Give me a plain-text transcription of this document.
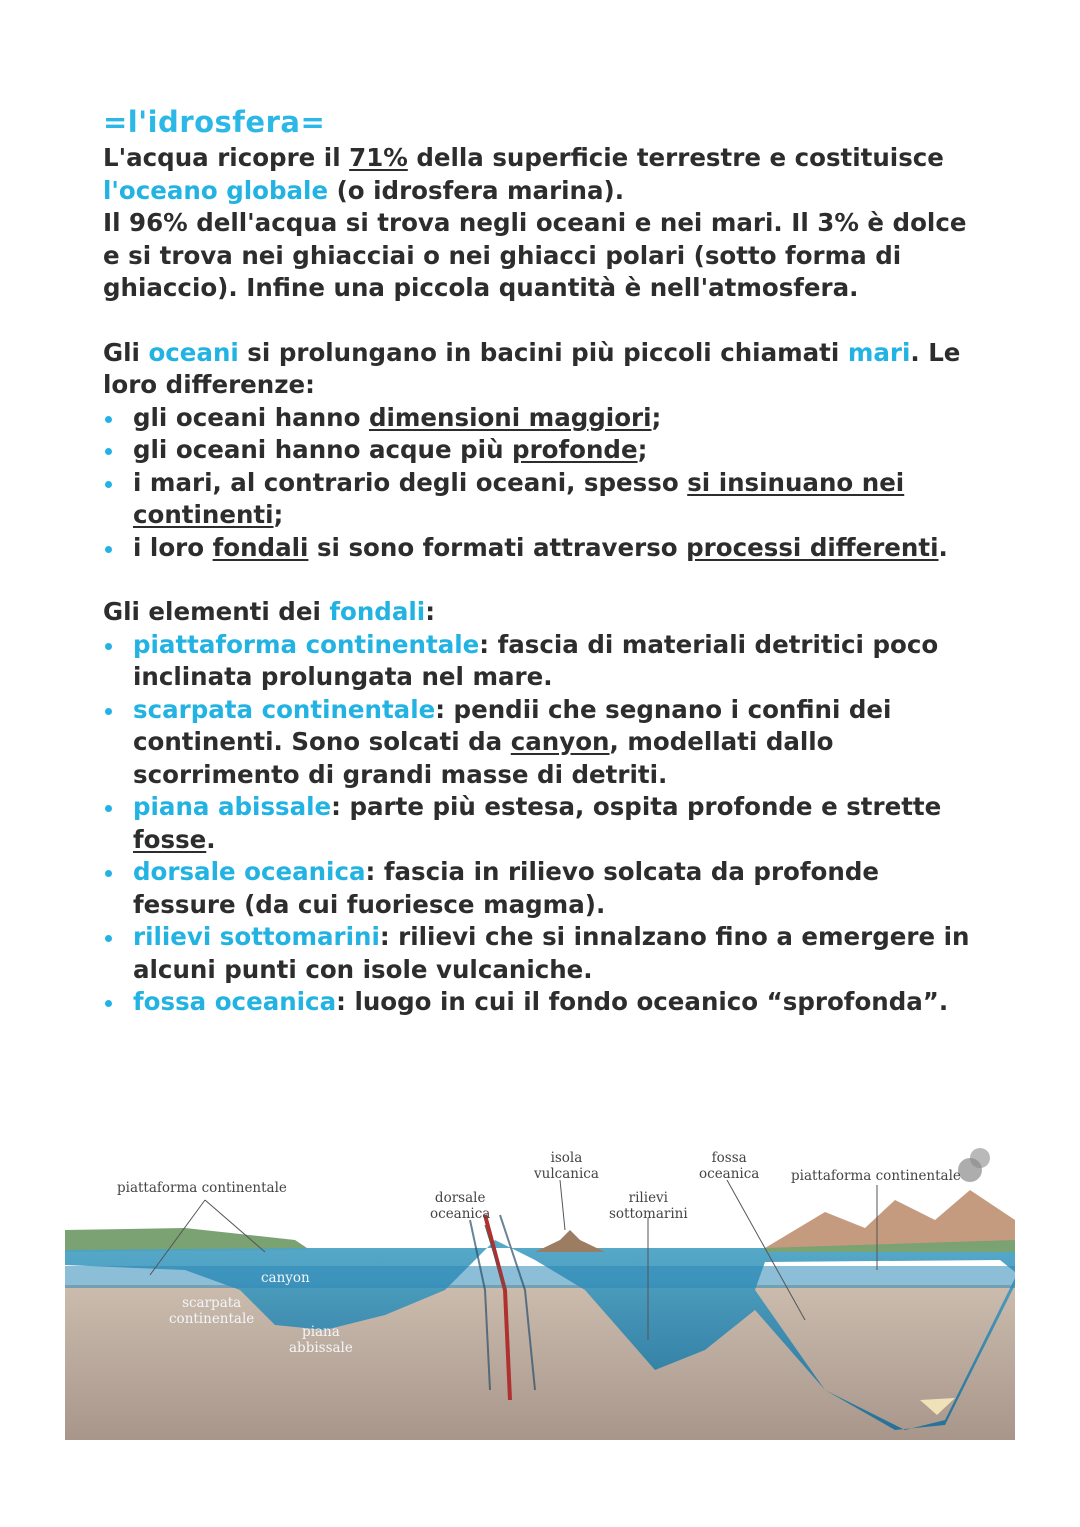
=l'idrosfera=

L'acqua ricopre il 71% della superficie terrestre e costituisce l'oceano globale (o idrosfera marina).
Il 96% dell'acqua si trova negli oceani e nei mari. Il 3% è dolce e si trova nei ghiacciai o nei ghiacci polari (sotto forma di ghiaccio). Infine una piccola quantità è nell'atmosfera.

Gli oceani si prolungano in bacini più piccoli chiamati mari. Le loro differenze:

gli oceani hanno dimensioni maggiori;
gli oceani hanno acque più profonde;
i mari, al contrario degli oceani, spesso si insinuano nei continenti;
i loro fondali si sono formati attraverso processi differenti.

Gli elementi dei fondali:

piattaforma continentale: fascia di materiali detritici poco inclinata prolungata nel mare.
scarpata continentale: pendii che segnano i confini dei continenti. Sono solcati da canyon, modellati dallo scorrimento di grandi masse di detriti.
piana abissale: parte più estesa, ospita profonde e strette fosse.
dorsale oceanica: fascia in rilievo solcata da profonde fessure (da cui fuoriesce magma).
rilievi sottomarini: rilievi che si innalzano fino a emergere in alcuni punti con isole vulcaniche.
fossa oceanica: luogo in cui il fondo oceanico “sprofonda”.
piattaforma continentale
canyon
scarpata
continentale
piana
abbissale
dorsale
oceanica
isola
vulcanica
rilievi
sottomarini
fossa
oceanica piattaforma continentale
